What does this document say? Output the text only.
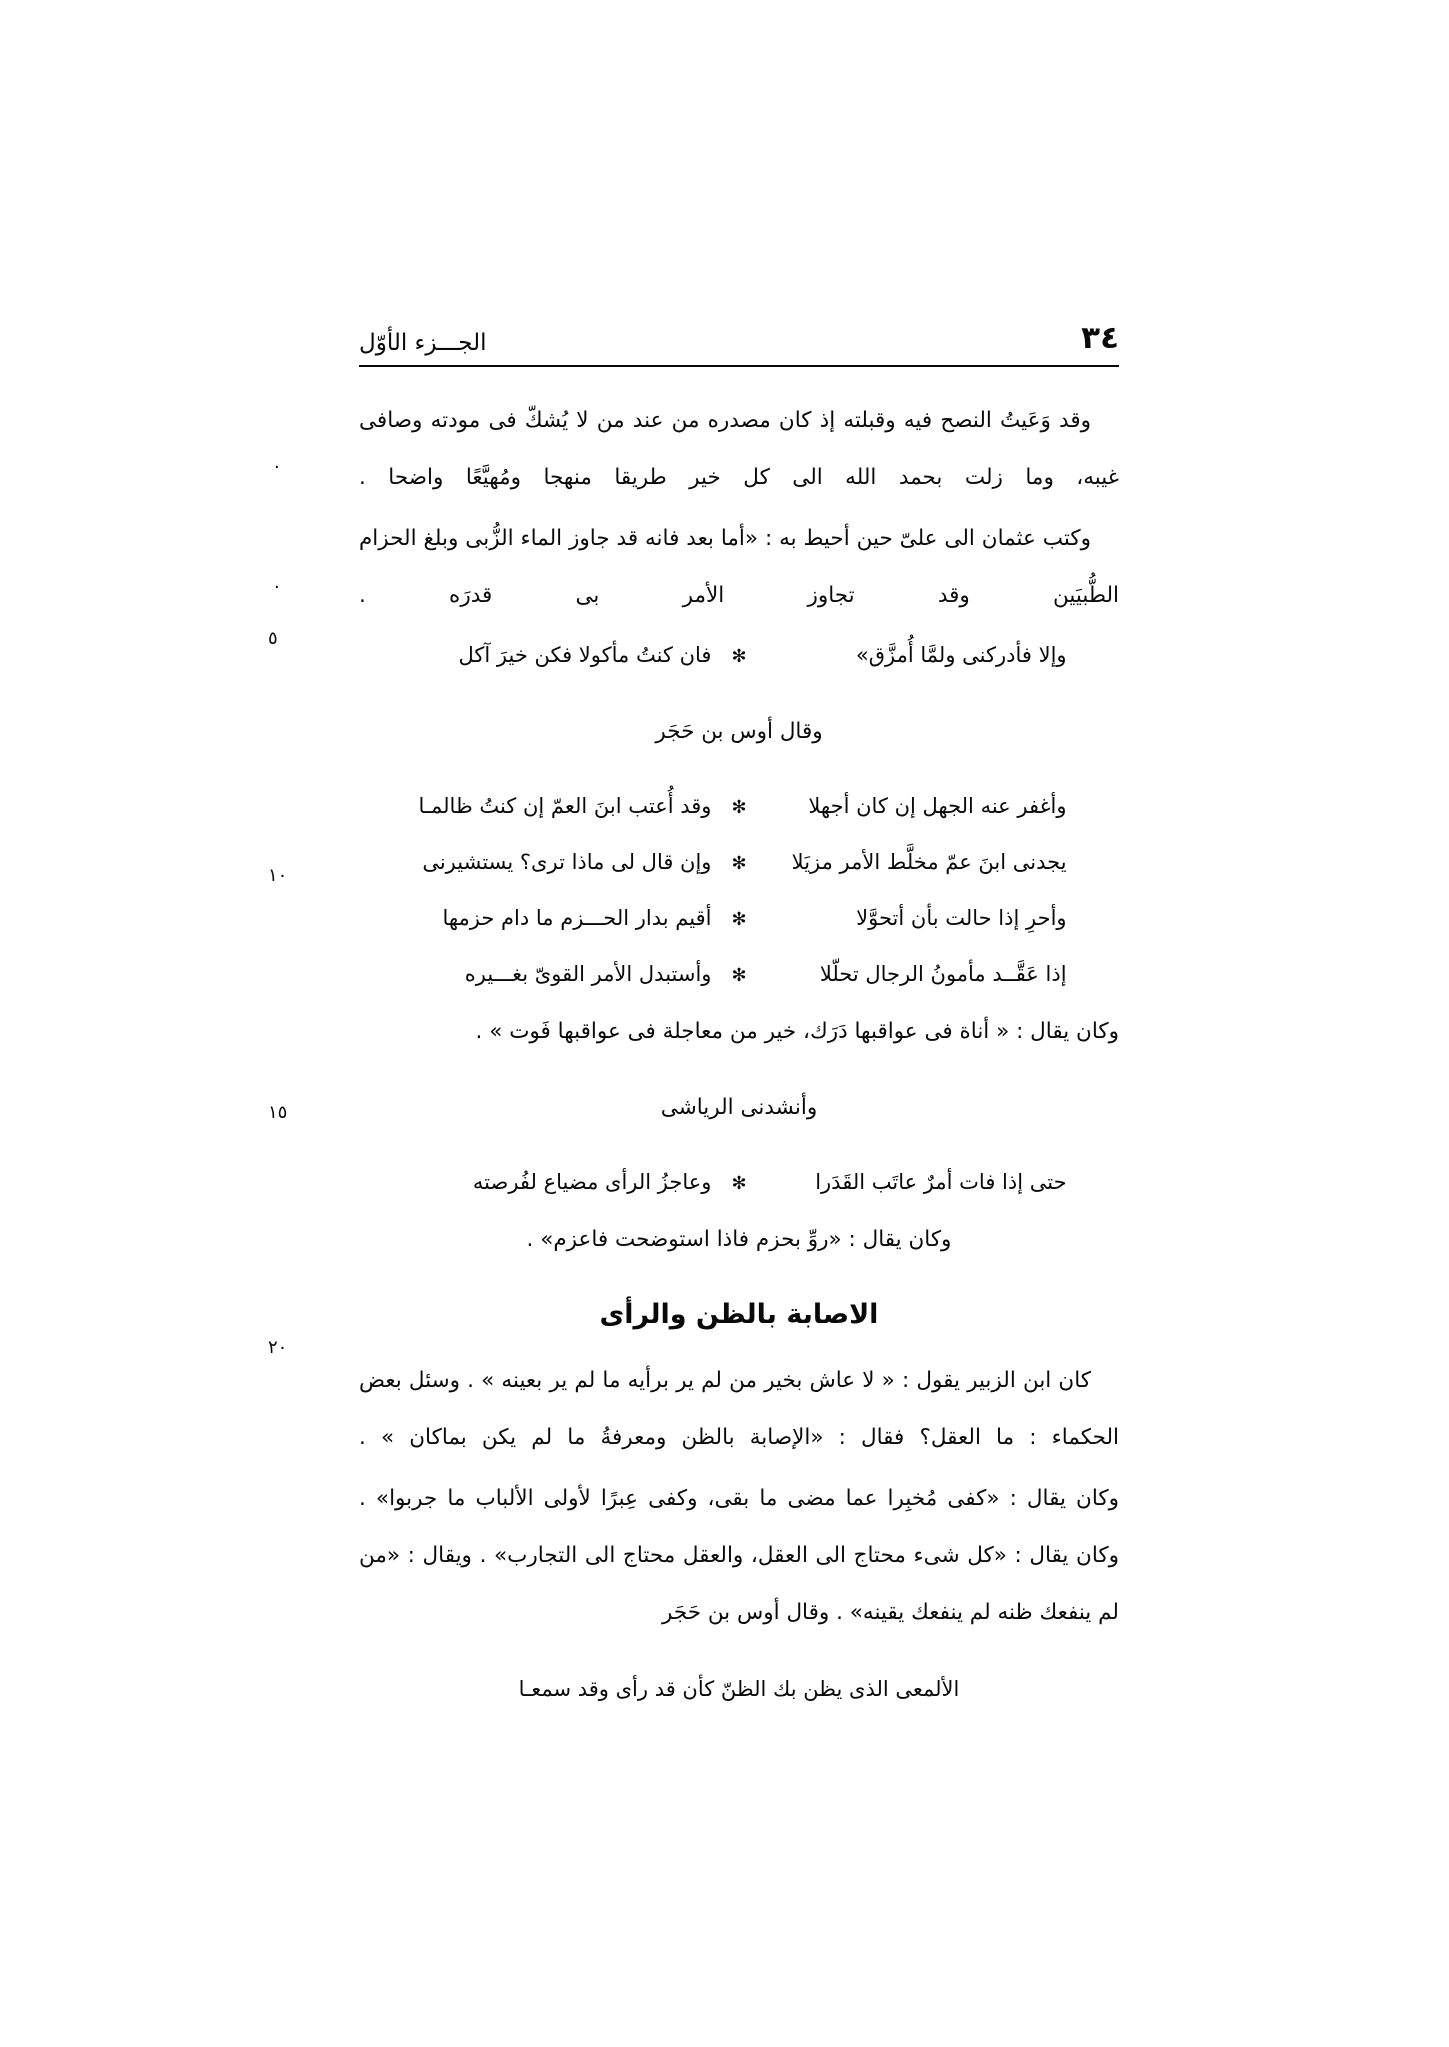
٣٤
الجـــزء الأوّل
.
.
٥
١٠
١٥
٢٠

وقد وَعَيتُ النصح فيه وقبلته إذ كان مصدره من عند من لا يُشكّ فى مودته وصافى غيبه، وما زلت بحمد الله الى كل خير طريقا منهجا ومُهيَّعًا واضحا .

وكتب عثمان الى علىّ حين أحيط به : «أما بعد فانه قد جاوز الماء الزُّبى وبلغ الحزام الطُّبيَين وقد تجاوز الأمر بى قدرَه .

وإلا فأدركنى ولمَّا أُمزَّق»
✻
فان كنتُ مأكولا فكن خيرَ آكل

وقال أوس بن حَجَر

وأغفر عنه الجهل إن كان أجهلا
✻
وقد أُعتب ابنَ العمّ إن كنتُ ظالمـا
يجدنى ابنَ عمّ مخلَّط الأمر مزيَلا
✻
وإن قال لى ماذا ترى؟ يستشيرنى
وأحرِ إذا حالت بأن أتحوَّلا
✻
أقيم بدار الحـــزم ما دام حزمها
إذا عَقَّــد مأمونُ الرجال تحلّلا
✻
وأستبدل الأمر القوىّ بغـــيره

وكان يقال : « أناة فى عواقبها دَرَك، خير من معاجلة فى عواقبها فَوت » .

وأنشدنى الرياشى

حتى إذا فات أمرٌ عاتَب القَدَرا
✻
وعاجزُ الرأى مضياع لفُرصته

وكان يقال : «روِّ بحزم فاذا استوضحت فاعزم» .

الاصابة بالظن والرأى

كان ابن الزبير يقول : « لا عاش بخير من لم ير برأيه ما لم ير بعينه » . وسئل بعض الحكماء : ما العقل؟ فقال : «الإصابة بالظن ومعرفةُ ما لم يكن بماكان » .

وكان يقال : «كفى مُخبِرا عما مضى ما بقى، وكفى عِبرًا لأولى الألباب ما جربوا» . وكان يقال : «كل شىء محتاج الى العقل، والعقل محتاج الى التجارب» . ويقال : «من لم ينفعك ظنه لم ينفعك يقينه» . وقال أوس بن حَجَر

الألمعى الذى يظن بك الظنّ كأن قد رأى وقد سمعـا
